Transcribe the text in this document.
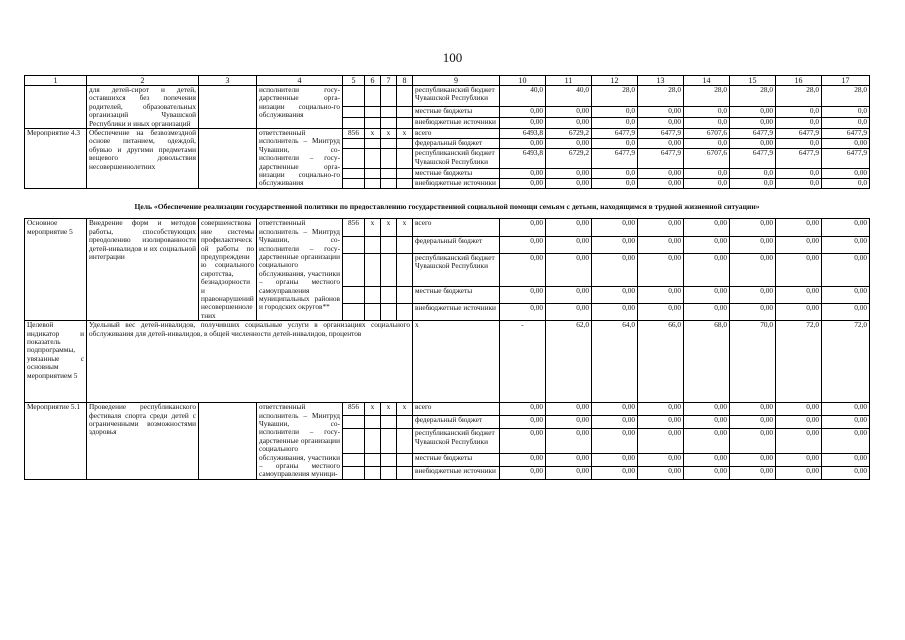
100
1	2	3	4	5	6	7	8	9	10	11	12	13	14	15	16	17
	для детей-сирот и детей, оставшихся без попечения родителей, образовательных организаций Чувашской Республики и иных организаций		исполнители госу-дарственные орга-низации социально-го обслуживания					республиканский бюджет Чувашской Республики	40,0	40,0	28,0	28,0	28,0	28,0	28,0	28,0
								местные бюджеты	0,00	0,00	0,0	0,00	0,0	0,00	0,0	0,0
								внебюджетные источники	0,00	0,00	0,0	0,00	0,0	0,00	0,0	0,0
Мероприятие 4.3	Обеспечение на безвозмездной основе питанием, одеждой, обувью и другими предметами вещевого довольствия несовершеннолетних		ответственный исполнитель – Минтруд Чувашии, со-исполнители – госу-дарственные орга-низации социально-го обслуживания	856	х	х	х	всего	6493,8	6729,2	6477,9	6477,9	6707,6	6477,9	6477,9	6477,9
								федеральный бюджет	0,00	0,00	0,0	0,00	0,0	0,00	0,0	0,00
								республиканский бюджет Чувашской Республики	6493,8	6729,2	6477,9	6477,9	6707,6	6477,9	6477,9	6477,9
								местные бюджеты	0,00	0,00	0,0	0,00	0,0	0,0	0,0	0,00
								внебюджетные источники	0,00	0,00	0,0	0,00	0,0	0,0	0,0	0,0
Цель «Обеспечение реализации государственной политики по предоставлению государственной социальной помощи семьям с детьми, находящимся в трудной жизненной ситуации»																
Основное мероприятие 5	Внедрение форм и методов работы, способствующих преодолению изолированности детей-инвалидов и их социальной интеграции	совершенствование системы профилактической работы по предупреждению социального сиротства, безнадзорности и правонарушений несовершеннолетних	ответственный исполнитель – Минтруд Чувашии, со-исполнители – госу-дарственные организации социального обслуживания, участники – органы местного самоуправления муниципальных районов и городских округов**	856	х	х	х	всего	0,00	0,00	0,00	0,00	0,00	0,00	0,00	0,00
								федеральный бюджет	0,00	0,00	0,00	0,00	0,00	0,00	0,00	0,00
								республиканский бюджет Чувашской Республики	0,00	0,00	0,00	0,00	0,00	0,00	0,00	0,00
								местные бюджеты	0,00	0,00	0,00	0,00	0,00	0,00	0,00	0,00
								внебюджетные источники	0,00	0,00	0,00	0,00	0,00	0,00	0,00	0,00
Целевой индикатор и показатель подпрограммы, увязанные с основным мероприятием 5	Удельный вес детей-инвалидов, получивших социальные услуги в организациях социального обслуживания для детей-инвалидов, в общей численности детей-инвалидов, процентов							х	-	62,0	64,0	66,0	68,0	70,0	72,0	72,0
Мероприятие 5.1	Проведение республиканского фестиваля спорта среди детей с ограниченными возможностями здоровья		ответственный исполнитель – Минтруд Чувашии, со-исполнители – госу-дарственные организации социального обслуживания, участники – органы местного самоуправления муници-	856	х	х	х	всего	0,00	0,00	0,00	0,00	0,00	0,00	0,00	0,00
								федеральный бюджет	0,00	0,00	0,00	0,00	0,00	0,00	0,00	0,00
								республиканский бюджет Чувашской Республики	0,00	0,00	0,00	0,00	0,00	0,00	0,00	0,00
								местные бюджеты	0,00	0,00	0,00	0,00	0,00	0,00	0,00	0,00
								внебюджетные источники	0,00	0,00	0,00	0,00	0,00	0,00	0,00	0,00
